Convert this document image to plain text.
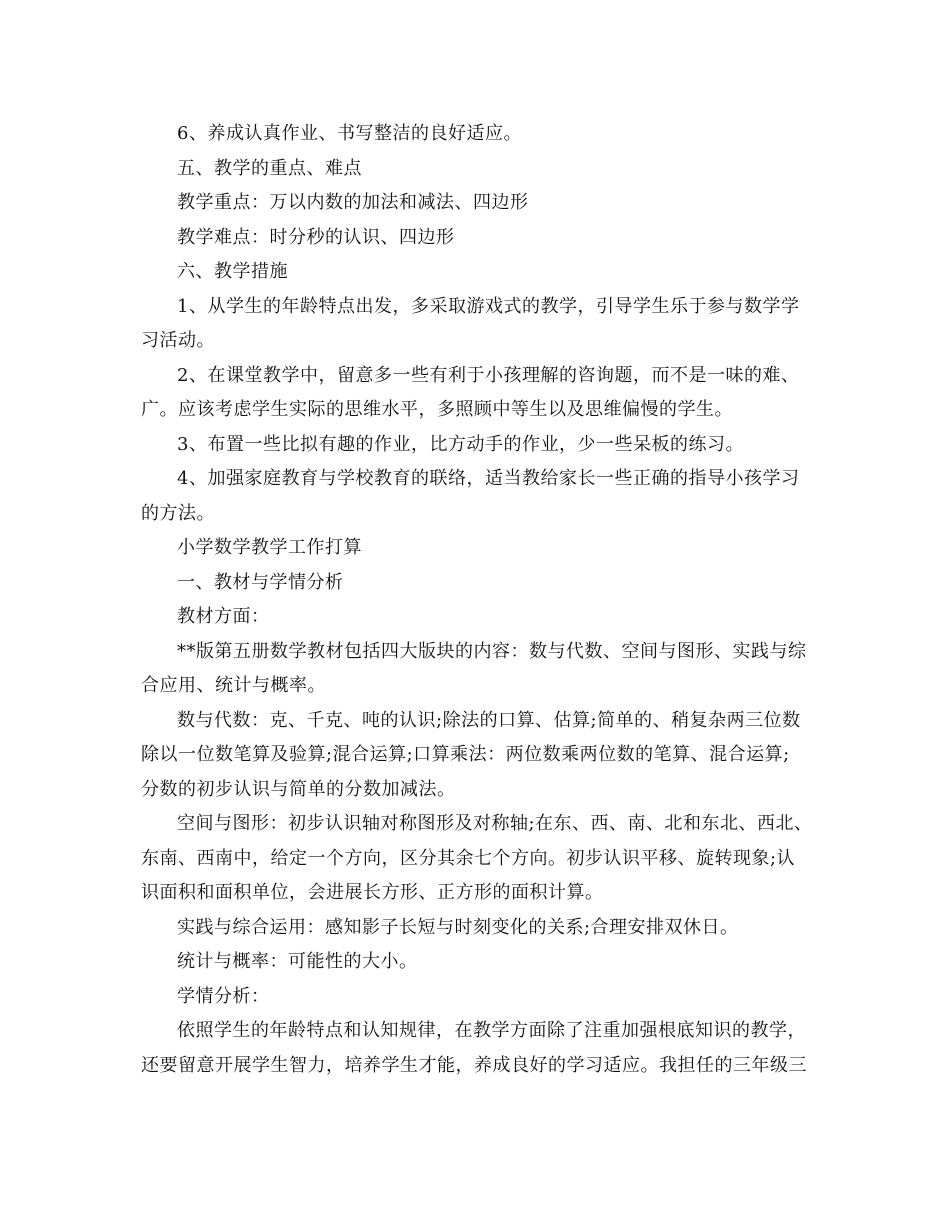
6、养成认真作业、书写整洁的良好适应。
五、教学的重点、难点
教学重点：万以内数的加法和减法、四边形
教学难点：时分秒的认识、四边形
六、教学措施
1、从学生的年龄特点出发，多采取游戏式的教学，引导学生乐于参与数学学
习活动。
2、在课堂教学中，留意多一些有利于小孩理解的咨询题，而不是一味的难、
广。应该考虑学生实际的思维水平，多照顾中等生以及思维偏慢的学生。
3、布置一些比拟有趣的作业，比方动手的作业，少一些呆板的练习。
4、加强家庭教育与学校教育的联络，适当教给家长一些正确的指导小孩学习
的方法。
小学数学教学工作打算
一、教材与学情分析
教材方面：
**版第五册数学教材包括四大版块的内容：数与代数、空间与图形、实践与综
合应用、统计与概率。
数与代数：克、千克、吨的认识;除法的口算、估算;简单的、稍复杂两三位数
除以一位数笔算及验算;混合运算;口算乘法：两位数乘两位数的笔算、混合运算;
分数的初步认识与简单的分数加减法。
空间与图形：初步认识轴对称图形及对称轴;在东、西、南、北和东北、西北、
东南、西南中，给定一个方向，区分其余七个方向。初步认识平移、旋转现象;认
识面积和面积单位，会进展长方形、正方形的面积计算。
实践与综合运用：感知影子长短与时刻变化的关系;合理安排双休日。
统计与概率：可能性的大小。
学情分析：
依照学生的年龄特点和认知规律，在教学方面除了注重加强根底知识的教学，
还要留意开展学生智力，培养学生才能，养成良好的学习适应。我担任的三年级三
